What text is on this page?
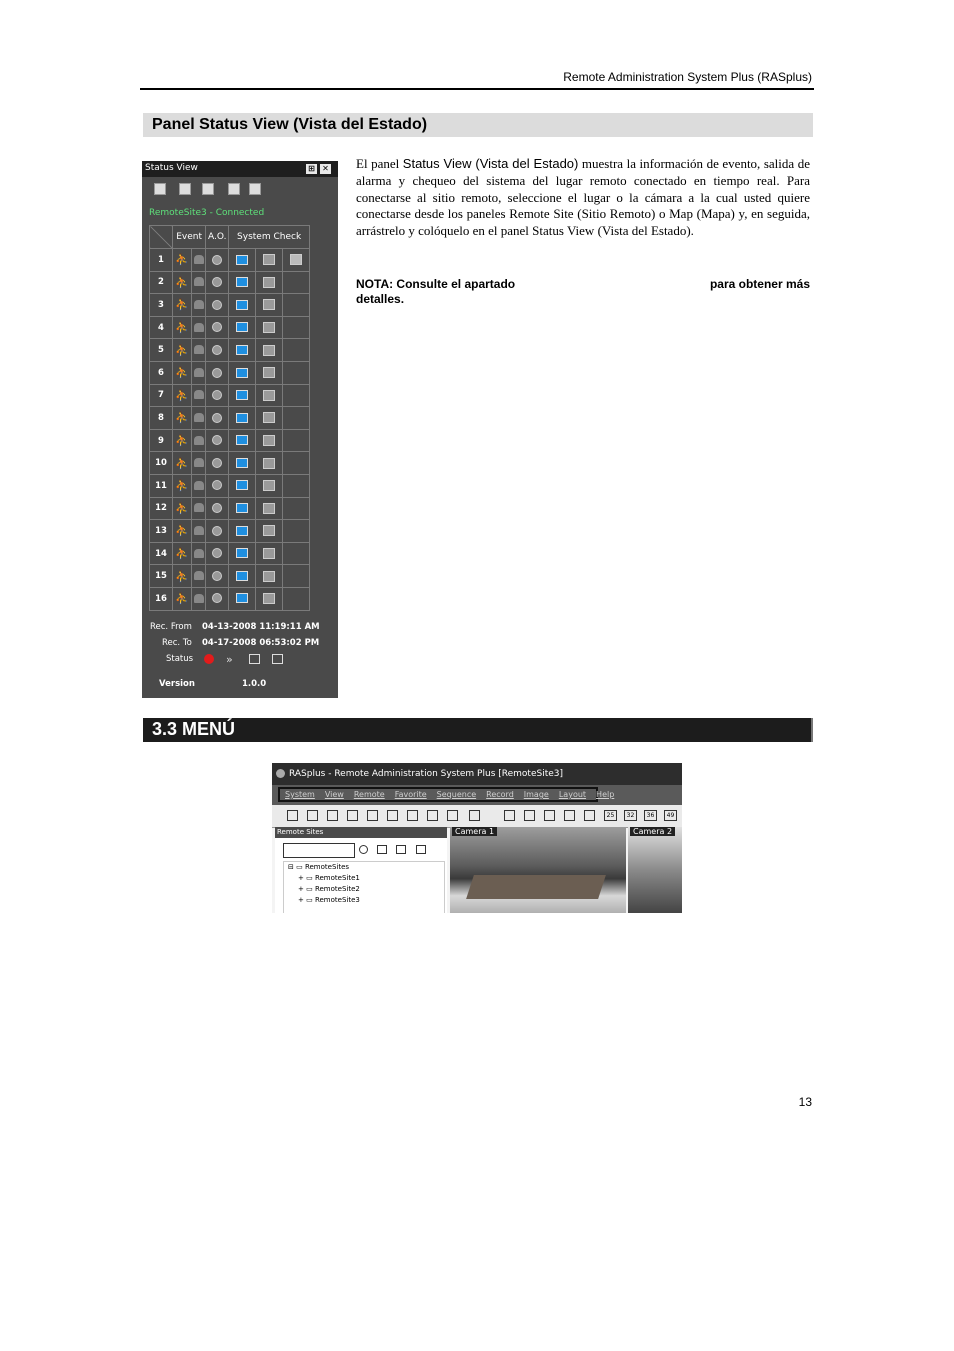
Remote Administration System Plus (RASplus)
Panel Status View (Vista del Estado)
Status View	⊞ ✕
RemoteSite3 - Connected
	Event		A.O.	System Check		
1	⛹					
2	⛹					
3	⛹					
4	⛹					
5	⛹					
6	⛹					
7	⛹					
8	⛹					
9	⛹					
10	⛹					
11	⛹					
12	⛹					
13	⛹					
14	⛹					
15	⛹					
16	⛹					
Rec. From 04-13-2008 11:19:11 AM
Rec. To 04-17-2008 06:53:02 PM
Status	»
Version	1.0.0
El panel Status View (Vista del Estado) muestra la información de evento, salida de alarma y chequeo del sistema del lugar remoto conectado en tiempo real. Para conectarse al sitio remoto, seleccione el lugar o la cámara a la cual usted quiere conectarse desde los paneles Remote Site (Sitio Remoto) o Map (Mapa) y, en seguida, arrástrelo y colóquelo en el panel Status View (Vista del Estado).
NOTA: Consulte el apartado	para obtener más
detalles.
3.3 MENÚ
RASplus - Remote Administration System Plus [RemoteSite3]
System	View	Remote	Favorite	Sequence	Record	Image	Layout	Help
25	32	36	49
Remote Sites
⊟ ▭ RemoteSites
+ ▭ RemoteSite1
+ ▭ RemoteSite2
+ ▭ RemoteSite3
Camera 1	Camera 2
13
